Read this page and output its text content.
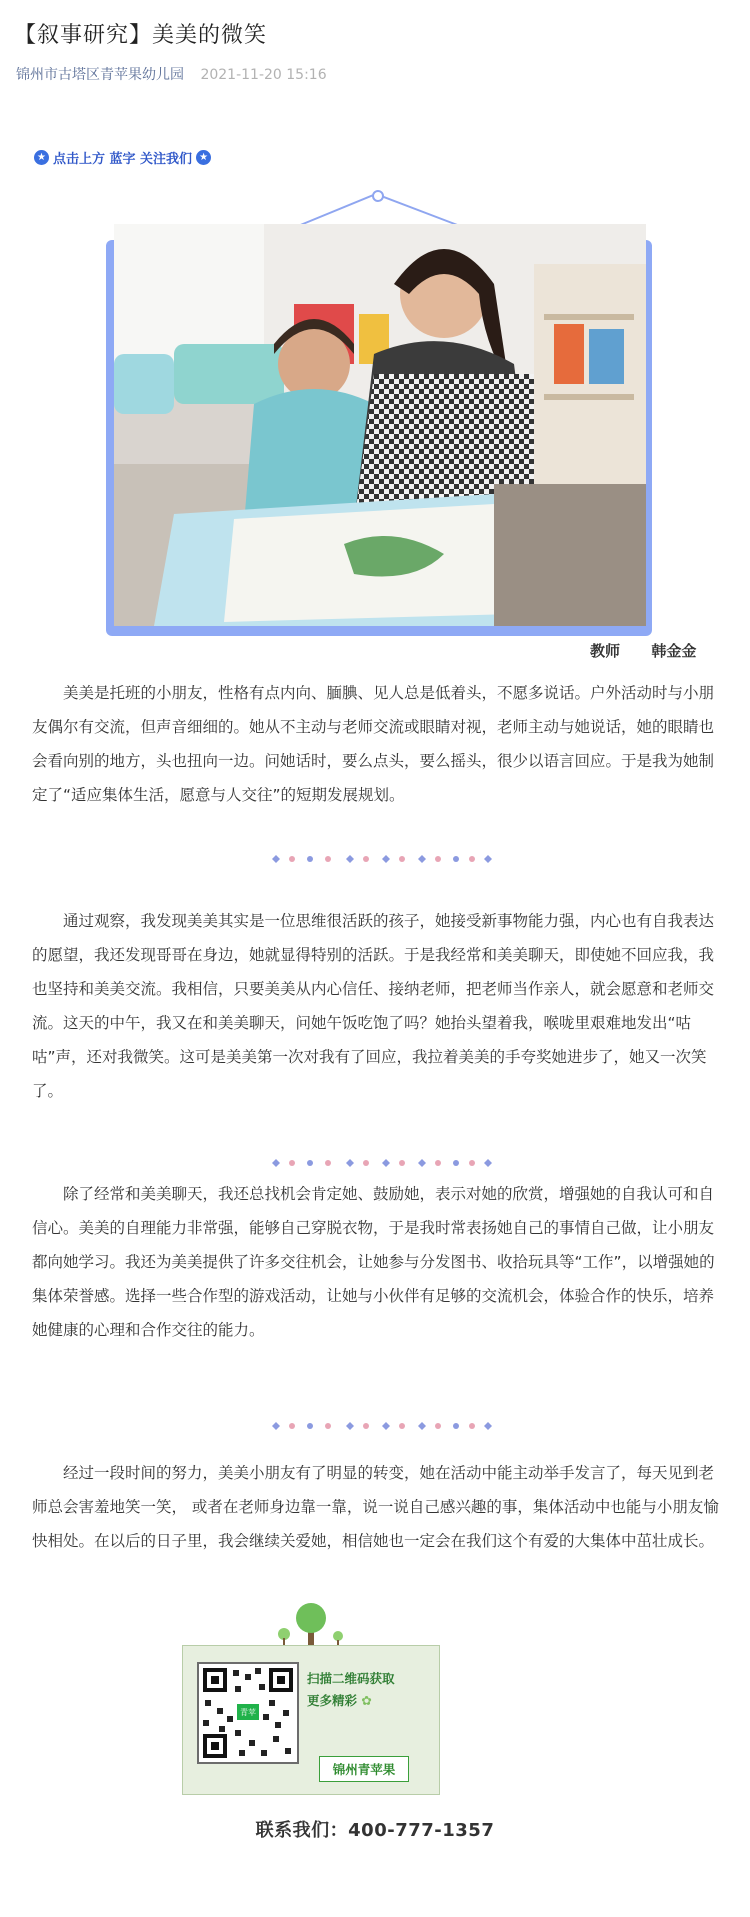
【叙事研究】美美的微笑
锦州市古塔区青苹果幼儿园 2021-11-20 15:16
★ 点击上方 蓝字 关注我们 ★
教师      韩金金

美美是托班的小朋友，性格有点内向、腼腆、见人总是低着头，不愿多说话。户外活动时与小朋友偶尔有交流，但声音细细的。她从不主动与老师交流或眼睛对视，老师主动与她说话，她的眼睛也会看向别的地方，头也扭向一边。问她话时，要么点头，要么摇头，很少以语言回应。于是我为她制定了“适应集体生活，愿意与人交往”的短期发展规划。

通过观察，我发现美美其实是一位思维很活跃的孩子，她接受新事物能力强，内心也有自我表达的愿望，我还发现哥哥在身边，她就显得特别的活跃。于是我经常和美美聊天，即使她不回应我，我也坚持和美美交流。我相信，只要美美从内心信任、接纳老师，把老师当作亲人，就会愿意和老师交流。这天的中午，我又在和美美聊天，问她午饭吃饱了吗？她抬头望着我，喉咙里艰难地发出“咕咕”声，还对我微笑。这可是美美第一次对我有了回应，我拉着美美的手夸奖她进步了，她又一次笑了。

除了经常和美美聊天，我还总找机会肯定她、鼓励她，表示对她的欣赏，增强她的自我认可和自信心。美美的自理能力非常强，能够自己穿脱衣物，于是我时常表扬她自己的事情自己做，让小朋友都向她学习。我还为美美提供了许多交往机会，让她参与分发图书、收拾玩具等“工作”，以增强她的集体荣誉感。选择一些合作型的游戏活动，让她与小伙伴有足够的交流机会，体验合作的快乐，培养她健康的心理和合作交往的能力。

经过一段时间的努力，美美小朋友有了明显的转变，她在活动中能主动举手发言了，每天见到老师总会害羞地笑一笑， 或者在老师身边靠一靠，说一说自己感兴趣的事，集体活动中也能与小朋友愉快相处。在以后的日子里，我会继续关爱她，相信她也一定会在我们这个有爱的大集体中茁壮成长。

青苹
扫描二维码获取
更多精彩 ✿
锦州青苹果
联系我们：400-777-1357
